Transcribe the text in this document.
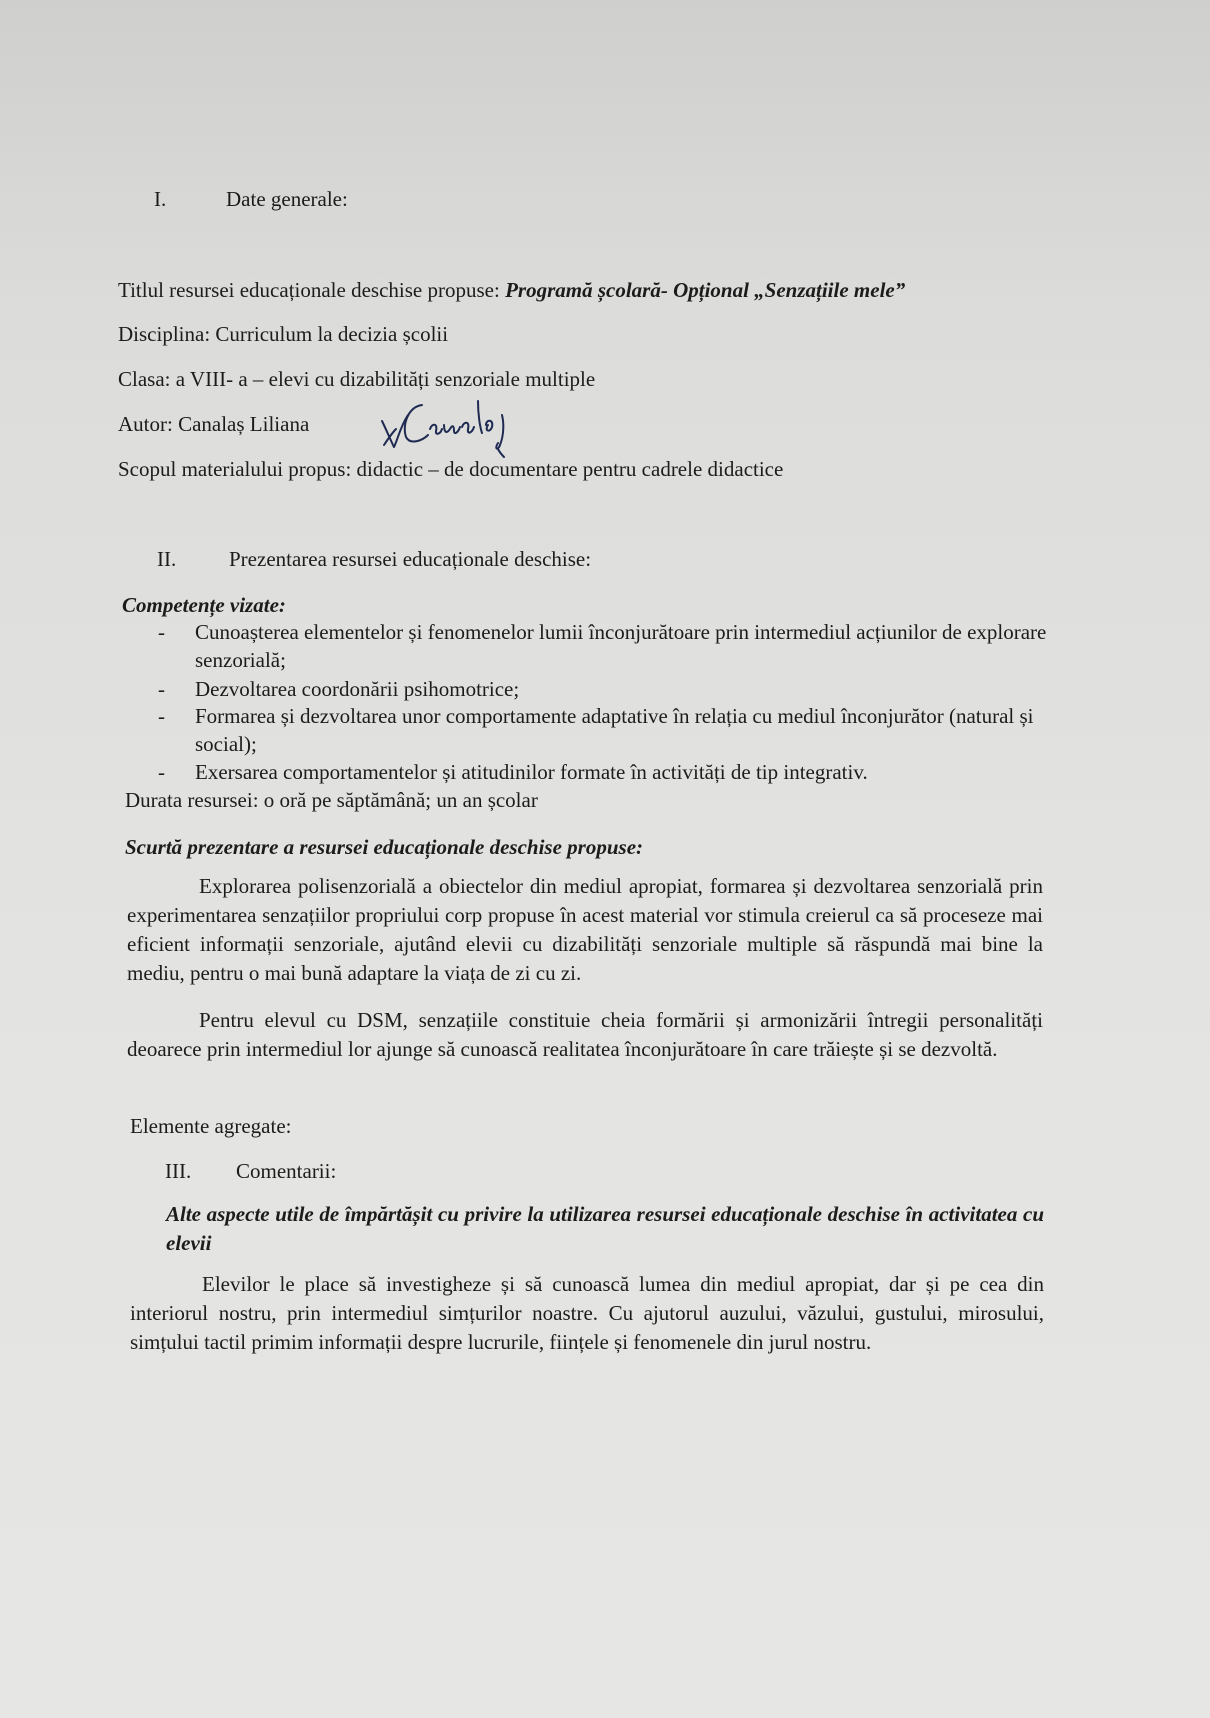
I.	Date generale:
Titlul resursei educaționale deschise propuse: Programă școlară- Opțional „Senzațiile mele”
Disciplina: Curriculum la decizia școlii
Clasa: a VIII- a – elevi cu dizabilități senzoriale multiple
Autor: Canalaș Liliana
Scopul materialului propus: didactic – de documentare pentru cadrele didactice
II.	Prezentarea resursei educaționale deschise:
Competențe vizate:
- Cunoașterea elementelor și fenomenelor lumii înconjurătoare prin intermediul acțiunilor de explorare senzorială;
- Dezvoltarea coordonării psihomotrice;
- Formarea și dezvoltarea unor comportamente adaptative în relația cu mediul înconjurător (natural și social);
- Exersarea comportamentelor și atitudinilor formate în activități de tip integrativ.
Durata resursei: o oră pe săptămână; un an școlar
Scurtă prezentare a resursei educaționale deschise propuse:
Explorarea polisenzorială a obiectelor din mediul apropiat, formarea și dezvoltarea senzorială prin experimentarea senzațiilor propriului corp propuse în acest material vor stimula creierul ca să proceseze mai eficient informații senzoriale, ajutând elevii cu dizabilități senzoriale multiple să răspundă mai bine la mediu, pentru o mai bună adaptare la viața de zi cu zi.
Pentru elevul cu DSM, senzațiile constituie cheia formării și armonizării întregii personalități deoarece prin intermediul lor ajunge să cunoască realitatea înconjurătoare în care trăiește și se dezvoltă.
Elemente agregate:
III. Comentarii:
Alte aspecte utile de împărtășit cu privire la utilizarea resursei educaționale deschise în activitatea cu elevii
Elevilor le place să investigheze și să cunoască lumea din mediul apropiat, dar și pe cea din interiorul nostru, prin intermediul simțurilor noastre. Cu ajutorul auzului, văzului, gustului, mirosului, simțului tactil primim informații despre lucrurile, ființele și fenomenele din jurul nostru.
